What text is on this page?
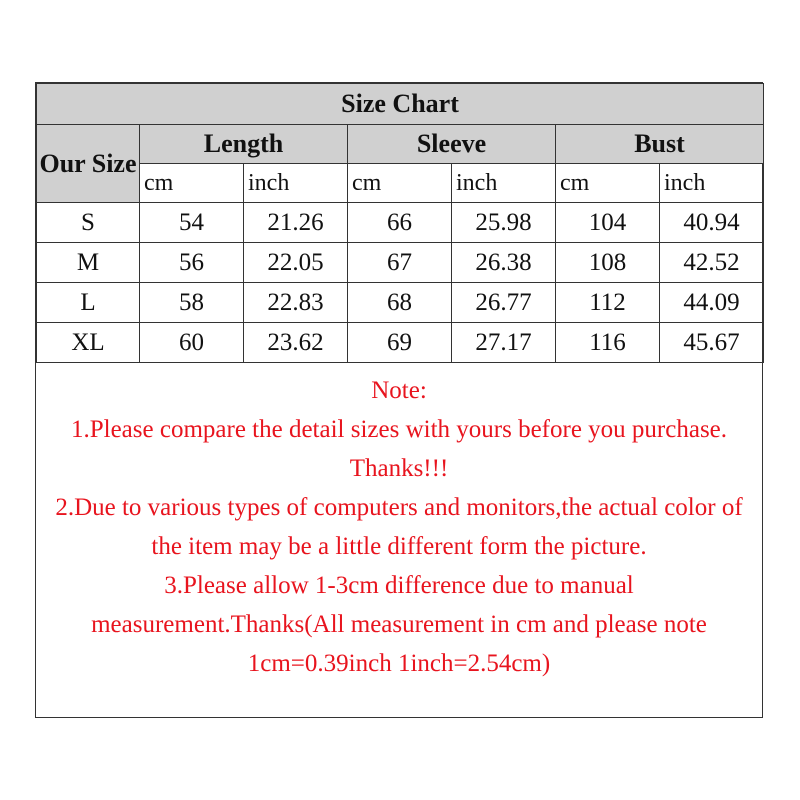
Size Chart						
Our Size	Length		Sleeve		Bust	
	cm	inch	cm	inch	cm	inch
S	54	21.26	66	25.98	104	40.94
M	56	22.05	67	26.38	108	42.52
L	58	22.83	68	26.77	112	44.09
XL	60	23.62	69	27.17	116	45.67
Note:
1.Please compare the detail sizes with yours before you purchase. Thanks!!!
2.Due to various types of computers and monitors,the actual color of the item may be a little different form the picture.
3.Please allow 1-3cm difference due to manual measurement.Thanks(All measurement in cm and please note 1cm=0.39inch 1inch=2.54cm)
